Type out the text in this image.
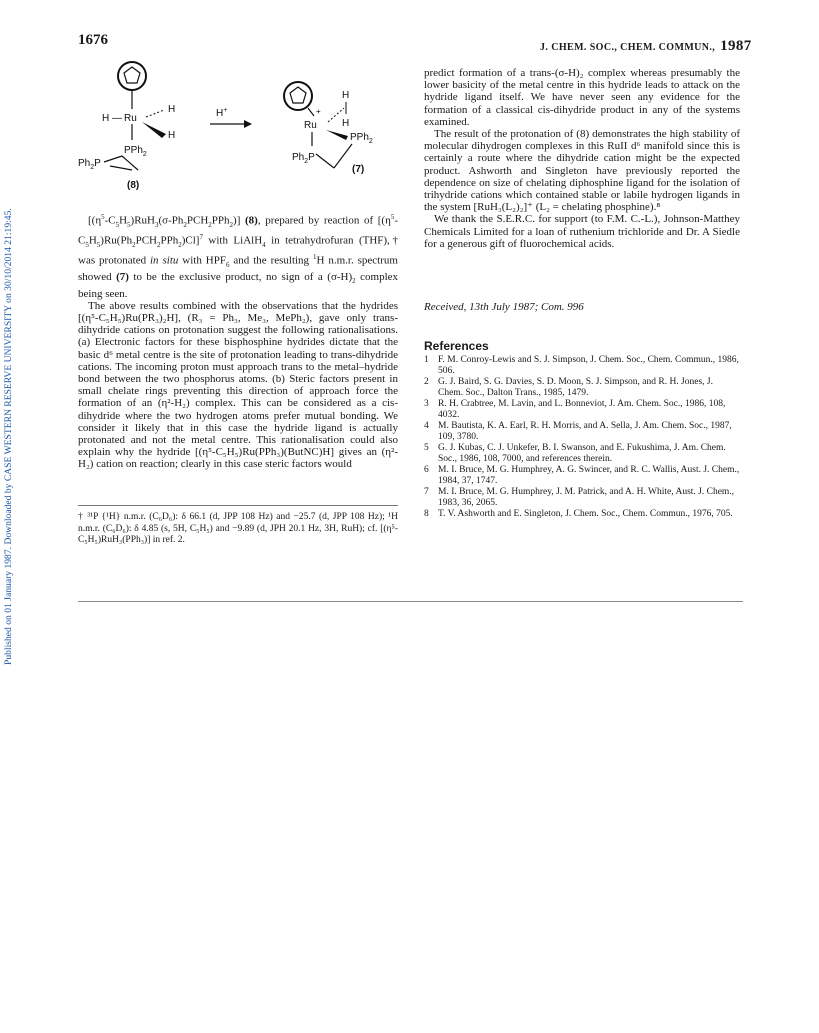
1676	J. CHEM. SOC., CHEM. COMMUN., 1987
Published on 01 January 1987. Downloaded by CASE WESTERN RESERVE UNIVERSITY on 30/10/2014 21:19:45.
H — Ru
H
H
PPh$_2$
$Ph_2P$
(8)
H+	+
Ru
H
H
PPh$_2$
$Ph_2P$
(7)

$[(\eta^5-C_5H_5)RuH_3(\sigma-Ph_2PCH_2PPh_2)]$ (8), prepared by reaction of $[(\eta^5-C_5H_5)Ru(Ph_2PCH_2PPh_2)Cl]^7$ with LiAlH$_4$ in tetrahydrofuran (THF),† was protonated in situ with $HPF_6$ and the resulting $^1$H n.m.r. spectrum showed (7) to be the exclusive product, no sign of a $(\sigma-H)_2$ complex being seen.

The above results combined with the observations that the hydrides [(η⁵-C₅H₅)Ru(PR₃)₂H], (R₃ = Ph₃, Me₃, MePh₂), gave only trans-dihydride cations on protonation suggest the following rationalisations. (a) Electronic factors for these bisphosphine hydrides dictate that the basic d⁶ metal centre is the site of protonation leading to trans-dihydride cations. The incoming proton must approach trans to the metal–hydride bond between the two phosphorus atoms. (b) Steric factors present in small chelate rings preventing this direction of approach force the formation of an (η²-H₂) complex. This can be considered as a cis-dihydride where the two hydrogen atoms prefer mutual bonding. We consider it likely that in this case the hydride ligand is actually protonated and not the metal centre. This rationalisation could also explain why the hydride [(η⁵-C₅H₅)Ru(PPh₃)(ButNC)H] gives an (η²-H₂) cation on reaction; clearly in this case steric factors would

† ³¹P {¹H} n.m.r. (C₆D₆): δ 66.1 (d, JPP 108 Hz) and −25.7 (d, JPP 108 Hz); ¹H n.m.r. (C₆D₆): δ 4.85 (s, 5H, C₅H₅) and −9.89 (d, JPH 20.1 Hz, 3H, RuH); cf. [(η⁵-C₅H₅)RuH₃(PPh₃)] in ref. 2.

predict formation of a trans-(σ-H)₂ complex whereas presumably the lower basicity of the metal centre in this hydride leads to attack on the hydride ligand itself. We have never seen any evidence for the formation of a classical cis-dihydride product in any of the systems examined.

The result of the protonation of (8) demonstrates the high stability of molecular dihydrogen complexes in this RuII d⁶ manifold since this is certainly a route where the dihydride cation might be the expected product. Ashworth and Singleton have previously reported the dependence on size of chelating diphosphine ligand for the isolation of trihydride cations which contained stable or labile hydrogen ligands in the system [RuH₃(L₂)₂]⁺ (L₂ = chelating phosphine).⁸

We thank the S.E.R.C. for support (to F.M. C.-L.), Johnson-Matthey Chemicals Limited for a loan of ruthenium trichloride and Dr. A Siedle for a generous gift of fluorochemical acids.

Received, 13th July 1987; Com. 996
References
1 F. M. Conroy-Lewis and S. J. Simpson, J. Chem. Soc., Chem. Commun., 1986, 506.
2 G. J. Baird, S. G. Davies, S. D. Moon, S. J. Simpson, and R. H. Jones, J. Chem. Soc., Dalton Trans., 1985, 1479.
3 R. H. Crabtree, M. Lavin, and L. Bonneviot, J. Am. Chem. Soc., 1986, 108, 4032.
4 M. Bautista, K. A. Earl, R. H. Morris, and A. Sella, J. Am. Chem. Soc., 1987, 109, 3780.
5 G. J. Kubas, C. J. Unkefer, B. I. Swanson, and E. Fukushima, J. Am. Chem. Soc., 1986, 108, 7000, and references therein.
6 M. I. Bruce, M. G. Humphrey, A. G. Swincer, and R. C. Wallis, Aust. J. Chem., 1984, 37, 1747.
7 M. I. Bruce, M. G. Humphrey, J. M. Patrick, and A. H. White, Aust. J. Chem., 1983, 36, 2065.
8 T. V. Ashworth and E. Singleton, J. Chem. Soc., Chem. Commun., 1976, 705.
